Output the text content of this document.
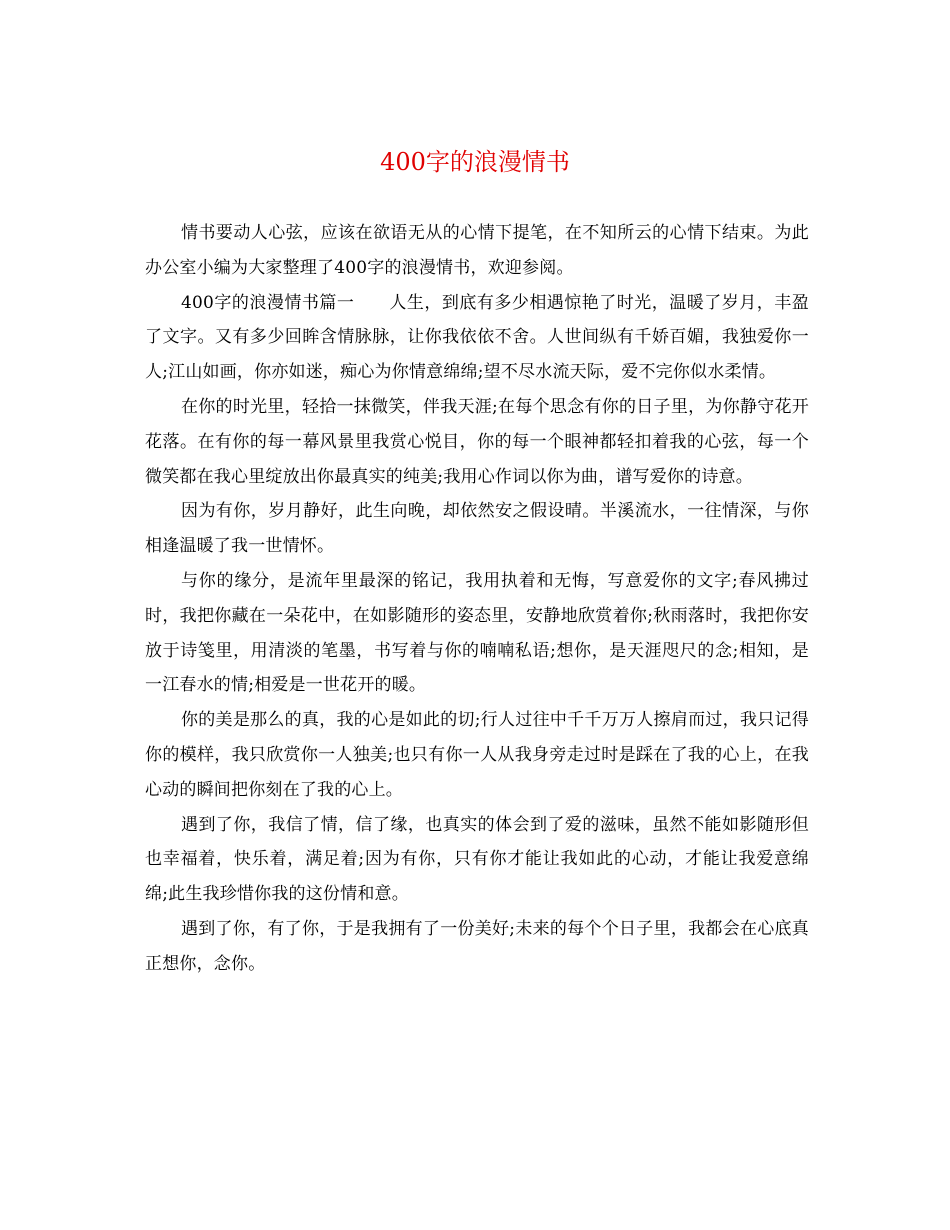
400字的浪漫情书

情书要动人心弦，应该在欲语无从的心情下提笔，在不知所云的心情下结束。为此办公室小编为大家整理了400字的浪漫情书，欢迎参阅。

400字的浪漫情书篇一　　人生，到底有多少相遇惊艳了时光，温暖了岁月，丰盈了文字。又有多少回眸含情脉脉，让你我依依不舍。人世间纵有千娇百媚，我独爱你一人;江山如画，你亦如迷，痴心为你情意绵绵;望不尽水流天际，爱不完你似水柔情。

在你的时光里，轻拾一抹微笑，伴我天涯;在每个思念有你的日子里，为你静守花开花落。在有你的每一幕风景里我赏心悦目，你的每一个眼神都轻扣着我的心弦，每一个微笑都在我心里绽放出你最真实的纯美;我用心作词以你为曲，谱写爱你的诗意。

因为有你，岁月静好，此生向晚，却依然安之假设晴。半溪流水，一往情深，与你相逢温暖了我一世情怀。

与你的缘分，是流年里最深的铭记，我用执着和无悔，写意爱你的文字;春风拂过时，我把你藏在一朵花中，在如影随形的姿态里，安静地欣赏着你;秋雨落时，我把你安放于诗笺里，用清淡的笔墨，书写着与你的喃喃私语;想你，是天涯咫尺的念;相知，是一江春水的情;相爱是一世花开的暖。

你的美是那么的真，我的心是如此的切;行人过往中千千万万人擦肩而过，我只记得你的模样，我只欣赏你一人独美;也只有你一人从我身旁走过时是踩在了我的心上，在我心动的瞬间把你刻在了我的心上。

遇到了你，我信了情，信了缘，也真实的体会到了爱的滋味，虽然不能如影随形但也幸福着，快乐着，满足着;因为有你，只有你才能让我如此的心动，才能让我爱意绵绵;此生我珍惜你我的这份情和意。

遇到了你，有了你，于是我拥有了一份美好;未来的每个个日子里，我都会在心底真正想你，念你。
